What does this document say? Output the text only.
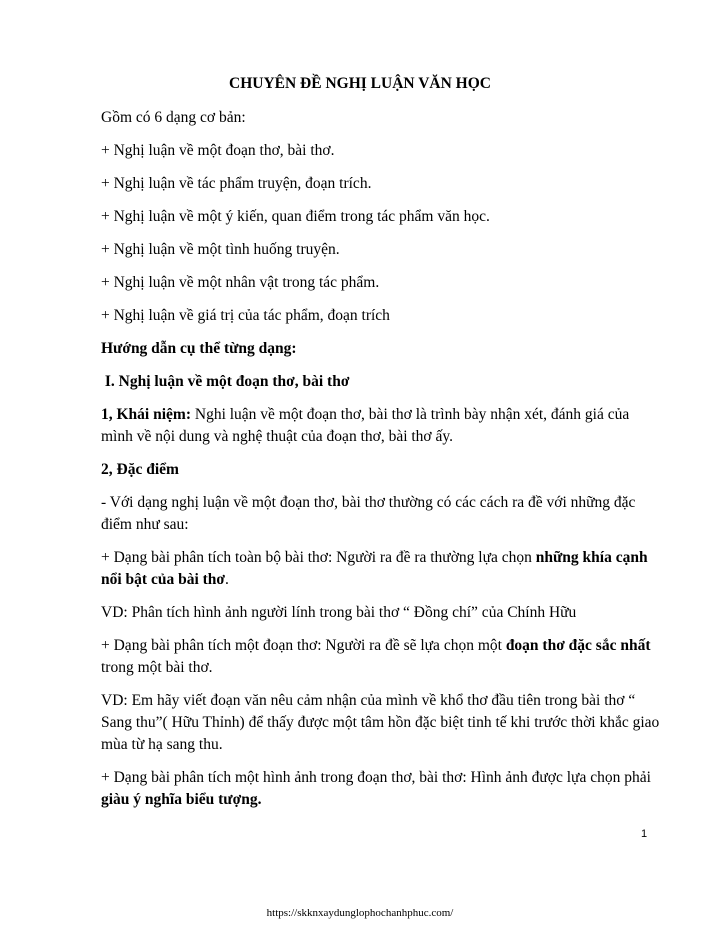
CHUYÊN ĐỀ NGHỊ LUẬN VĂN HỌC

Gồm có 6 dạng cơ bản:

+ Nghị luận về một đoạn thơ, bài thơ.

+ Nghị luận về tác phẩm truyện, đoạn trích.

+ Nghị luận về một ý kiến, quan điểm trong tác phẩm văn học.

+ Nghị luận về một tình huống truyện.

+ Nghị luận về một nhân vật trong tác phẩm.

+ Nghị luận về giá trị của tác phẩm, đoạn trích

Hướng dẫn cụ thể từng dạng:

I. Nghị luận về một đoạn thơ, bài thơ

1, Khái niệm: Nghi luận về một đoạn thơ, bài thơ là trình bày nhận xét, đánh giá của mình về nội dung và nghệ thuật của đoạn thơ, bài thơ ấy.

2, Đặc điểm

- Với dạng nghị luận về một đoạn thơ, bài thơ thường có các cách ra đề với những đặc điểm như sau:

+ Dạng bài phân tích toàn bộ bài thơ: Người ra đề ra thường lựa chọn những khía cạnh nổi bật của bài thơ.

VD: Phân tích hình ảnh người lính trong bài thơ “ Đồng chí” của Chính Hữu

+ Dạng bài phân tích một đoạn thơ: Người ra đề sẽ lựa chọn một đoạn thơ đặc sắc nhất trong một bài thơ.

VD: Em hãy viết đoạn văn nêu cảm nhận của mình về khổ thơ đầu tiên trong bài thơ “ Sang thu”( Hữu Thỉnh) để thấy được một tâm hồn đặc biệt tinh tế khi trước thời khắc giao mùa từ hạ sang thu.

+ Dạng bài phân tích một hình ảnh trong đoạn thơ, bài thơ: Hình ảnh được lựa chọn phải giàu ý nghĩa biểu tượng.

1
https://skknxaydunglophochanhphuc.com/
